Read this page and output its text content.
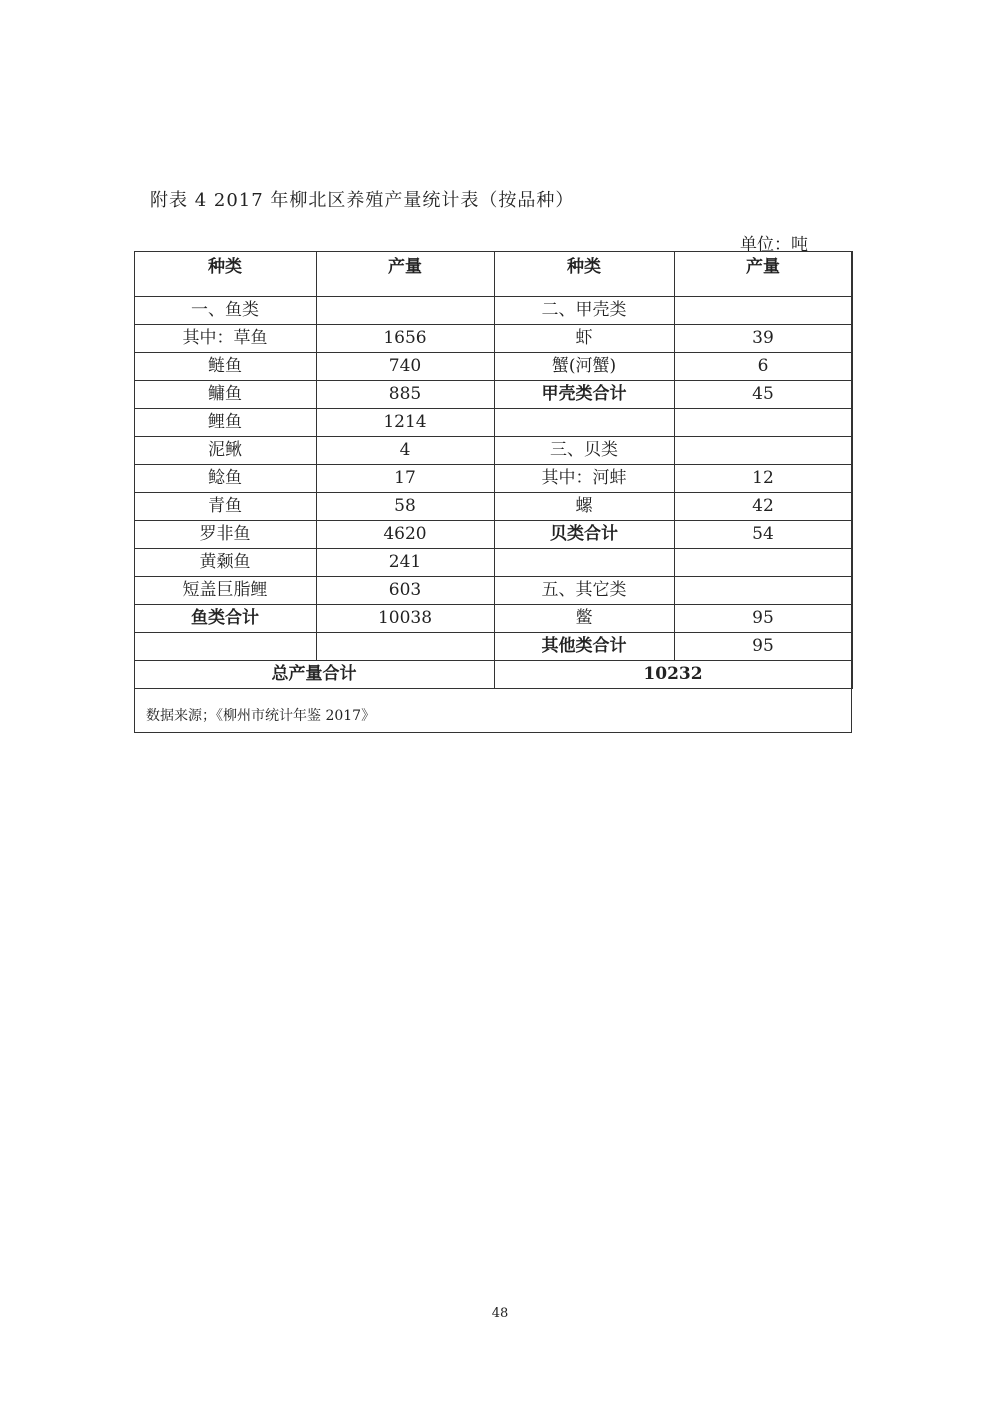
附表 4 2017 年柳北区养殖产量统计表（按品种）
单位：吨
种类	产量	种类	产量
一、鱼类		二、甲壳类	
其中：草鱼	1656	虾	39
鲢鱼	740	蟹(河蟹)	6
鳙鱼	885	甲壳类合计	45
鲤鱼	1214		
泥鳅	4	三、贝类	
鲶鱼	17	其中：河蚌	12
青鱼	58	螺	42
罗非鱼	4620	贝类合计	54
黄颡鱼	241		
短盖巨脂鲤	603	五、其它类	
鱼类合计	10038	鳖	95
		其他类合计	95
总产量合计		10232	
数据来源；《柳州市统计年鉴 2017》
48
